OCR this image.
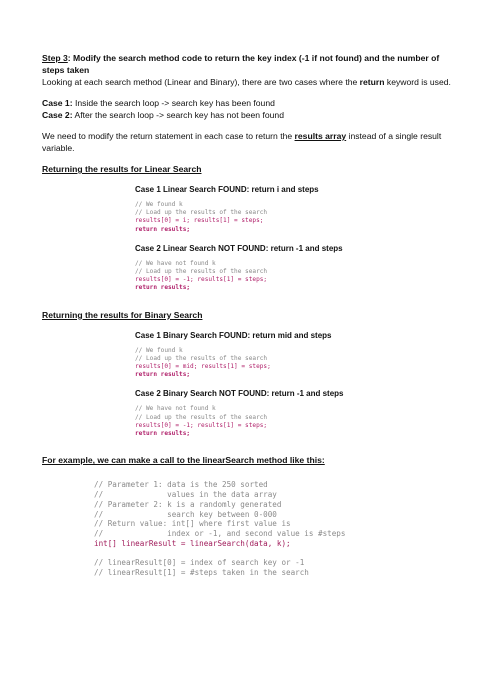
Step 3: Modify the search method code to return the key index (-1 if not found) and the number of steps taken

Looking at each search method (Linear and Binary), there are two cases where the return keyword is used.

Case 1: Inside the search loop -> search key has been found

Case 2: After the search loop -> search key has not been found

We need to modify the return statement in each case to return the results array instead of a single result variable.

Returning the results for Linear Search

Case 1 Linear Search FOUND: return i and steps

// We found k

// Load up the results of the search

results[0] = i; results[1] = steps;

return results;

Case 2 Linear Search NOT FOUND: return -1 and steps

// We have not found k

// Load up the results of the search

results[0] = -1; results[1] = steps;

return results;

Returning the results for Binary Search

Case 1 Binary Search FOUND: return mid and steps

// We found k

// Load up the results of the search

results[0] = mid; results[1] = steps;

return results;

Case 2 Binary Search NOT FOUND: return -1 and steps

// We have not found k

// Load up the results of the search

results[0] = -1; results[1] = steps;

return results;

For example, we can make a call to the linearSearch method like this:

// Parameter 1: data is the 250 sorted

//              values in the data array

// Parameter 2: k is a randomly generated

//              search key between 0-000

// Return value: int[] where first value is

//              index or -1, and second value is #steps

int[] linearResult = linearSearch(data, k);

// linearResult[0] = index of search key or -1

// linearResult[1] = #steps taken in the search
